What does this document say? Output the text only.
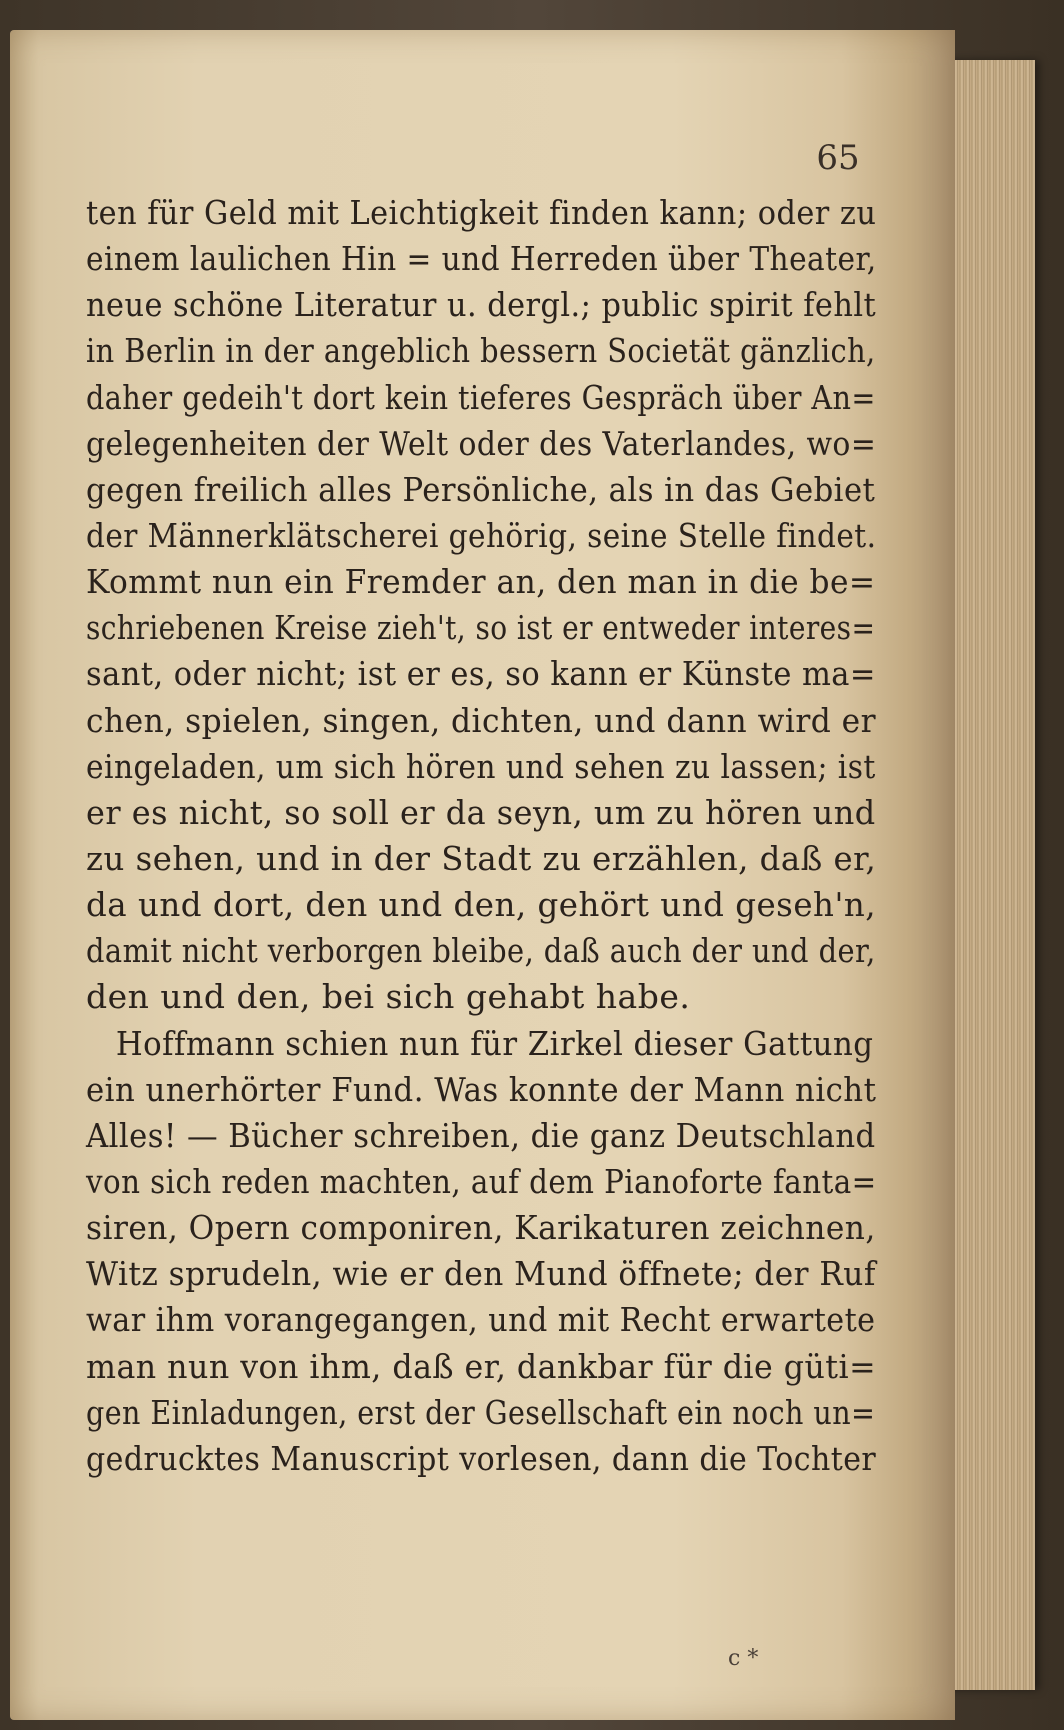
65
ten für Geld mit Leichtigkeit finden kann; oder zu
einem laulichen Hin = und Herreden über Theater,
neue schöne Literatur u. dergl.; public spirit fehlt
in Berlin in der angeblich bessern Societät gänzlich,
daher gedeih't dort kein tieferes Gespräch über An=
gelegenheiten der Welt oder des Vaterlandes, wo=
gegen freilich alles Persönliche, als in das Gebiet
der Männerklätscherei gehörig, seine Stelle findet.
Kommt nun ein Fremder an, den man in die be=
schriebenen Kreise zieh't, so ist er entweder interes=
sant, oder nicht; ist er es, so kann er Künste ma=
chen, spielen, singen, dichten, und dann wird er
eingeladen, um sich hören und sehen zu lassen; ist
er es nicht, so soll er da seyn, um zu hören und
zu sehen, und in der Stadt zu erzählen, daß er,
da und dort, den und den, gehört und geseh'n,
damit nicht verborgen bleibe, daß auch der und der,
den und den, bei sich gehabt habe.
Hoffmann schien nun für Zirkel dieser Gattung
ein unerhörter Fund. Was konnte der Mann nicht
Alles! — Bücher schreiben, die ganz Deutschland
von sich reden machten, auf dem Pianoforte fanta=
siren, Opern componiren, Karikaturen zeichnen,
Witz sprudeln, wie er den Mund öffnete; der Ruf
war ihm vorangegangen, und mit Recht erwartete
man nun von ihm, daß er, dankbar für die güti=
gen Einladungen, erst der Gesellschaft ein noch un=
gedrucktes Manuscript vorlesen, dann die Tochter
c *
